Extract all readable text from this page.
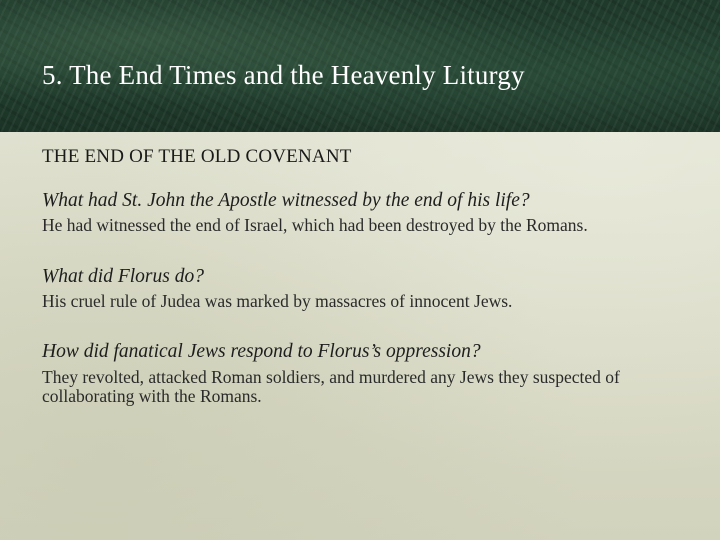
5. The End Times and the Heavenly Liturgy
THE END OF THE OLD COVENANT

What had St. John the Apostle witnessed by the end of his life?

He had witnessed the end of Israel, which had been destroyed by the Romans.

What did Florus do?

His cruel rule of Judea was marked by massacres of innocent Jews.

How did fanatical Jews respond to Florus’s oppression?

They revolted, attacked Roman soldiers, and murdered any Jews they suspected of collaborating with the Romans.
